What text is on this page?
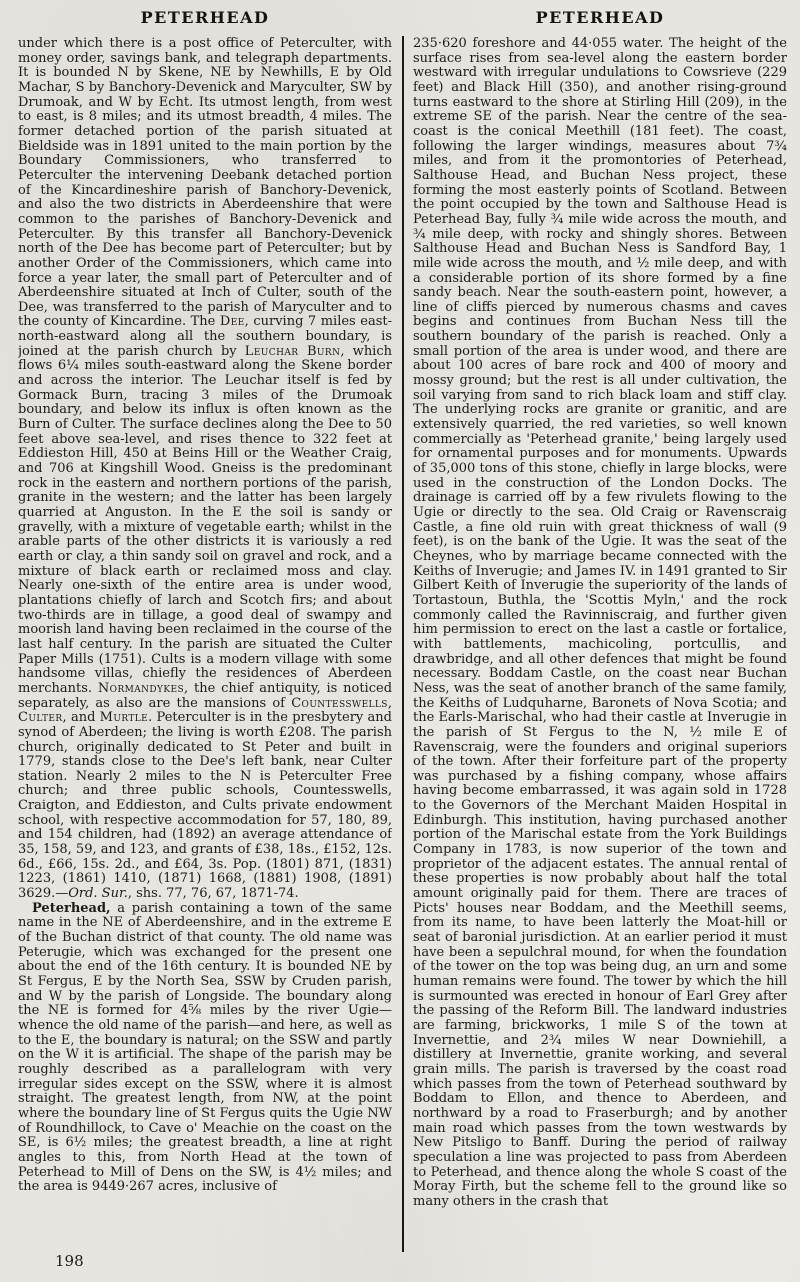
PETERHEAD	PETERHEAD

under which there is a post office of Peterculter, with money order, savings bank, and telegraph departments. It is bounded N by Skene, NE by Newhills, E by Old Machar, S by Banchory-Devenick and Maryculter, SW by Drumoak, and W by Echt. Its utmost length, from west to east, is 8 miles; and its utmost breadth, 4 miles. The former detached portion of the parish situated at Bieldside was in 1891 united to the main portion by the Boundary Commissioners, who transferred to Peterculter the intervening Deebank detached portion of the Kincardineshire parish of Banchory-Devenick, and also the two districts in Aberdeenshire that were common to the parishes of Banchory-Devenick and Peterculter. By this transfer all Banchory-Devenick north of the Dee has become part of Peterculter; but by another Order of the Commissioners, which came into force a year later, the small part of Peterculter and of Aberdeenshire situated at Inch of Culter, south of the Dee, was transferred to the parish of Maryculter and to the county of Kincardine. The Dee, curving 7 miles east-north-eastward along all the southern boundary, is joined at the parish church by Leuchar Burn, which flows 6¼ miles south-eastward along the Skene border and across the interior. The Leuchar itself is fed by Gormack Burn, tracing 3 miles of the Drumoak boundary, and below its influx is often known as the Burn of Culter. The surface declines along the Dee to 50 feet above sea-level, and rises thence to 322 feet at Eddieston Hill, 450 at Beins Hill or the Weather Craig, and 706 at Kingshill Wood. Gneiss is the predominant rock in the eastern and northern portions of the parish, granite in the western; and the latter has been largely quarried at Anguston. In the E the soil is sandy or gravelly, with a mixture of vegetable earth; whilst in the arable parts of the other districts it is variously a red earth or clay, a thin sandy soil on gravel and rock, and a mixture of black earth or reclaimed moss and clay. Nearly one-sixth of the entire area is under wood, plantations chiefly of larch and Scotch firs; and about two-thirds are in tillage, a good deal of swampy and moorish land having been reclaimed in the course of the last half century. In the parish are situated the Culter Paper Mills (1751). Cults is a modern village with some handsome villas, chiefly the residences of Aberdeen merchants. Normandykes, the chief antiquity, is noticed separately, as also are the mansions of Countesswells, Culter, and Murtle. Peterculter is in the presbytery and synod of Aberdeen; the living is worth £208. The parish church, originally dedicated to St Peter and built in 1779, stands close to the Dee's left bank, near Culter station. Nearly 2 miles to the N is Peterculter Free church; and three public schools, Countesswells, Craigton, and Eddieston, and Cults private endowment school, with respective accommodation for 57, 180, 89, and 154 children, had (1892) an average attendance of 35, 158, 59, and 123, and grants of £38, 18s., £152, 12s. 6d., £66, 15s. 2d., and £64, 3s. Pop. (1801) 871, (1831) 1223, (1861) 1410, (1871) 1668, (1881) 1908, (1891) 3629.—Ord. Sur., shs. 77, 76, 67, 1871-74.

Peterhead, a parish containing a town of the same name in the NE of Aberdeenshire, and in the extreme E of the Buchan district of that county. The old name was Peterugie, which was exchanged for the present one about the end of the 16th century. It is bounded NE by St Fergus, E by the North Sea, SSW by Cruden parish, and W by the parish of Longside. The boundary along the NE is formed for 4⅝ miles by the river Ugie—whence the old name of the parish—and here, as well as to the E, the boundary is natural; on the SSW and partly on the W it is artificial. The shape of the parish may be roughly described as a parallelogram with very irregular sides except on the SSW, where it is almost straight. The greatest length, from NW, at the point where the boundary line of St Fergus quits the Ugie NW of Roundhillock, to Cave o' Meachie on the coast on the SE, is 6½ miles; the greatest breadth, a line at right angles to this, from North Head at the town of Peterhead to Mill of Dens on the SW, is 4½ miles; and the area is 9449·267 acres, inclusive of

235·620 foreshore and 44·055 water. The height of the surface rises from sea-level along the eastern border westward with irregular undulations to Cowsrieve (229 feet) and Black Hill (350), and another rising-ground turns eastward to the shore at Stirling Hill (209), in the extreme SE of the parish. Near the centre of the sea-coast is the conical Meethill (181 feet). The coast, following the larger windings, measures about 7¾ miles, and from it the promontories of Peterhead, Salthouse Head, and Buchan Ness project, these forming the most easterly points of Scotland. Between the point occupied by the town and Salthouse Head is Peterhead Bay, fully ¾ mile wide across the mouth, and ¾ mile deep, with rocky and shingly shores. Between Salthouse Head and Buchan Ness is Sandford Bay, 1 mile wide across the mouth, and ½ mile deep, and with a considerable portion of its shore formed by a fine sandy beach. Near the south-eastern point, however, a line of cliffs pierced by numerous chasms and caves begins and continues from Buchan Ness till the southern boundary of the parish is reached. Only a small portion of the area is under wood, and there are about 100 acres of bare rock and 400 of moory and mossy ground; but the rest is all under cultivation, the soil varying from sand to rich black loam and stiff clay. The underlying rocks are granite or granitic, and are extensively quarried, the red varieties, so well known commercially as 'Peterhead granite,' being largely used for ornamental purposes and for monuments. Upwards of 35,000 tons of this stone, chiefly in large blocks, were used in the construction of the London Docks. The drainage is carried off by a few rivulets flowing to the Ugie or directly to the sea. Old Craig or Ravenscraig Castle, a fine old ruin with great thickness of wall (9 feet), is on the bank of the Ugie. It was the seat of the Cheynes, who by marriage became connected with the Keiths of Inverugie; and James IV. in 1491 granted to Sir Gilbert Keith of Inverugie the superiority of the lands of Tortastoun, Buthla, the 'Scottis Myln,' and the rock commonly called the Ravinniscraig, and further given him permission to erect on the last a castle or fortalice, with battlements, machicoling, portcullis, and drawbridge, and all other defences that might be found necessary. Boddam Castle, on the coast near Buchan Ness, was the seat of another branch of the same family, the Keiths of Ludquharne, Baronets of Nova Scotia; and the Earls-Marischal, who had their castle at Inverugie in the parish of St Fergus to the N, ½ mile E of Ravenscraig, were the founders and original superiors of the town. After their forfeiture part of the property was purchased by a fishing company, whose affairs having become embarrassed, it was again sold in 1728 to the Governors of the Merchant Maiden Hospital in Edinburgh. This institution, having purchased another portion of the Marischal estate from the York Buildings Company in 1783, is now superior of the town and proprietor of the adjacent estates. The annual rental of these properties is now probably about half the total amount originally paid for them. There are traces of Picts' houses near Boddam, and the Meethill seems, from its name, to have been latterly the Moat-hill or seat of baronial jurisdiction. At an earlier period it must have been a sepulchral mound, for when the foundation of the tower on the top was being dug, an urn and some human remains were found. The tower by which the hill is surmounted was erected in honour of Earl Grey after the passing of the Reform Bill. The landward industries are farming, brickworks, 1 mile S of the town at Invernettie, and 2¾ miles W near Downiehill, a distillery at Invernettie, granite working, and several grain mills. The parish is traversed by the coast road which passes from the town of Peterhead southward by Boddam to Ellon, and thence to Aberdeen, and northward by a road to Fraserburgh; and by another main road which passes from the town westwards by New Pitsligo to Banff. During the period of railway speculation a line was projected to pass from Aberdeen to Peterhead, and thence along the whole S coast of the Moray Firth, but the scheme fell to the ground like so many others in the crash that

198
